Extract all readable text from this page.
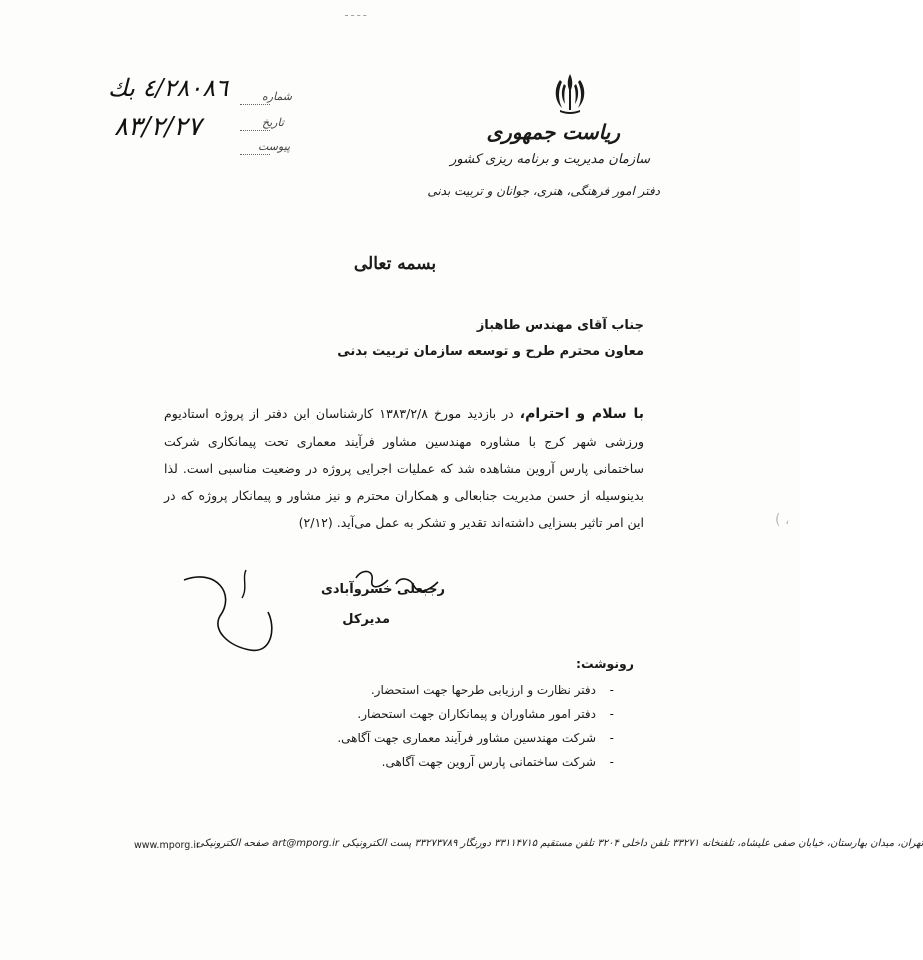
ـ ـ ـ ـ
ریاست جمهوری
سازمان مدیریت و برنامه ریزی کشور
دفتر امور فرهنگی، هنری، جوانان و تربیت بدنی
شماره
٤/٢٨٠٨٦ بك
تاریخ
٨٣/٢/٢٧
پیوست
بسمه تعالی
جناب آقای مهندس طاهباز
معاون محترم طرح و توسعه سازمان تربیت بدنی
با سلام و احترام، در بازدید مورخ ۱۳۸۳/۲/۸ کارشناسان این دفتر از پروژه استادیوم ورزشی شهر کرج با مشاوره مهندسین مشاور فرآیند معماری تحت پیمانکاری شرکت ساختمانی پارس آروین مشاهده شد که عملیات اجرایی پروژه در وضعیت مناسبی است. لذا بدینوسیله از حسن مدیریت جنابعالی و همکاران محترم و نیز مشاور و پیمانکار پروژه که در این امر تاثیر بسزایی داشته‌اند تقدیر و تشکر به عمل می‌آید. (۲/۱۲)
رجبعلی خسروآبادی
مدیرکل
رونوشت:
-
دفتر نظارت و ارزیابی طرحها جهت استحضار.
-
دفتر امور مشاوران و پیمانکاران جهت استحضار.
-
شرکت مهندسین مشاور فرآیند معماری جهت آگاهی.
-
شرکت ساختمانی پارس آروین جهت آگاهی.
تهران، میدان بهارستان، خیابان صفی علیشاه، تلفنخانه ۳۳۲۷۱ تلفن داخلی ۳۲۰۴ تلفن مستقیم ۳۳۱۱۴۷۱۵ دورنگار ۳۳۲۷۳۷۸۹ پست الکترونیکی art@mporg.ir صفحه الکترونیکی
www.mporg.ir
( ،
